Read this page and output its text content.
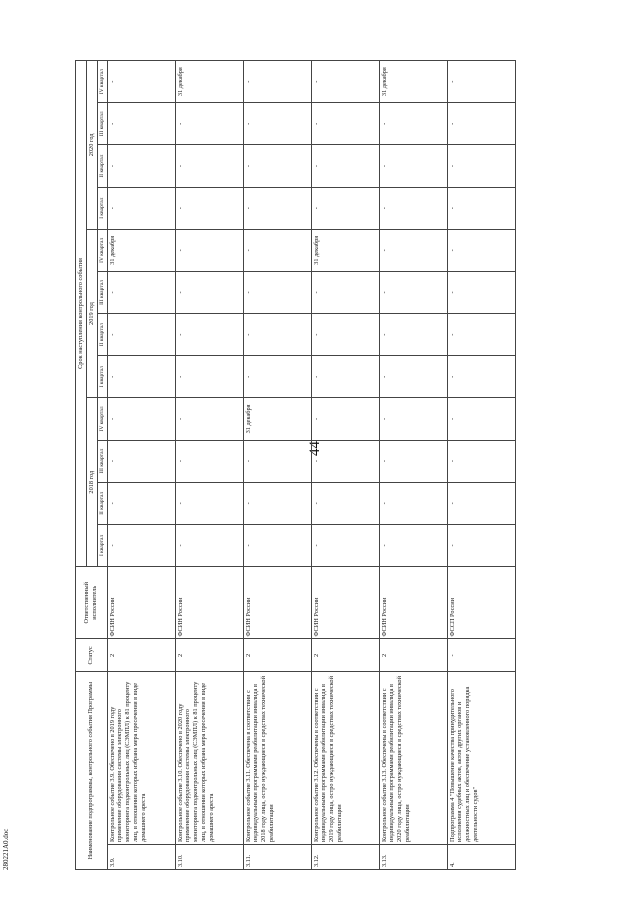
44
280221A0.doc	Наименование подпрограммы, контрольного события Программы		Статус	Ответственный исполнитель	Срок наступления контрольного события											
				2018 год				2019 год				2020 год			
				I квартал	II квартал	III квартал	IV квартал	I квартал	II квартал	III квартал	IV квартал	I квартал	II квартал	III квартал	IV квартал
3.9.	Контрольное событие 3.9. Обеспечено в 2019 году применение оборудования системы электронного мониторинга подконтрольных лиц (СЭМПЛ) к 81 проценту лиц, в отношении которых избрана мера пресечения в виде домашнего ареста	2	ФСИН России	-	-	-	-	-	-	-	31 декабря	-	-	-	-
3.10.	Контрольное событие 3.10. Обеспечено в 2020 году применение оборудования системы электронного мониторинга подконтрольных лиц (СЭМПЛ) к 81 проценту лиц, в отношении которых избрана мера пресечения в виде домашнего ареста	2	ФСИН России	-	-	-	-	-	-	-	-	-	-	-	31 декабря
3.11.	Контрольное событие 3.11. Обеспечена в соответствии с индивидуальными программами реабилитации инвалида в 2018 году лица, остро нуждающиеся в средствах технической реабилитации	2	ФСИН России	-	-	-	31 декабря	-	-	-	-	-	-	-	-
3.12.	Контрольное событие 3.12. Обеспечены в соответствии с индивидуальными программами реабилитации инвалида в 2019 году лица, остро нуждающиеся в средствах технической реабилитации	2	ФСИН России	-	-	-	-	-	-	-	31 декабря	-	-	-	-
3.13.	Контрольное событие 3.13. Обеспечены в соответствии с индивидуальными программами реабилитации инвалида в 2020 году лица, остро нуждающиеся в средствах технической реабилитации	2	ФСИН России	-	-	-	-	-	-	-	-	-	-	-	31 декабря
4.	Подпрограмма 4 "Повышение качества принудительного исполнения судебных актов, актов других органов и должностных лиц и обеспечение установленного порядка деятельности судов"	-	ФССП России	-	-	-	-	-	-	-	-	-	-	-	-
